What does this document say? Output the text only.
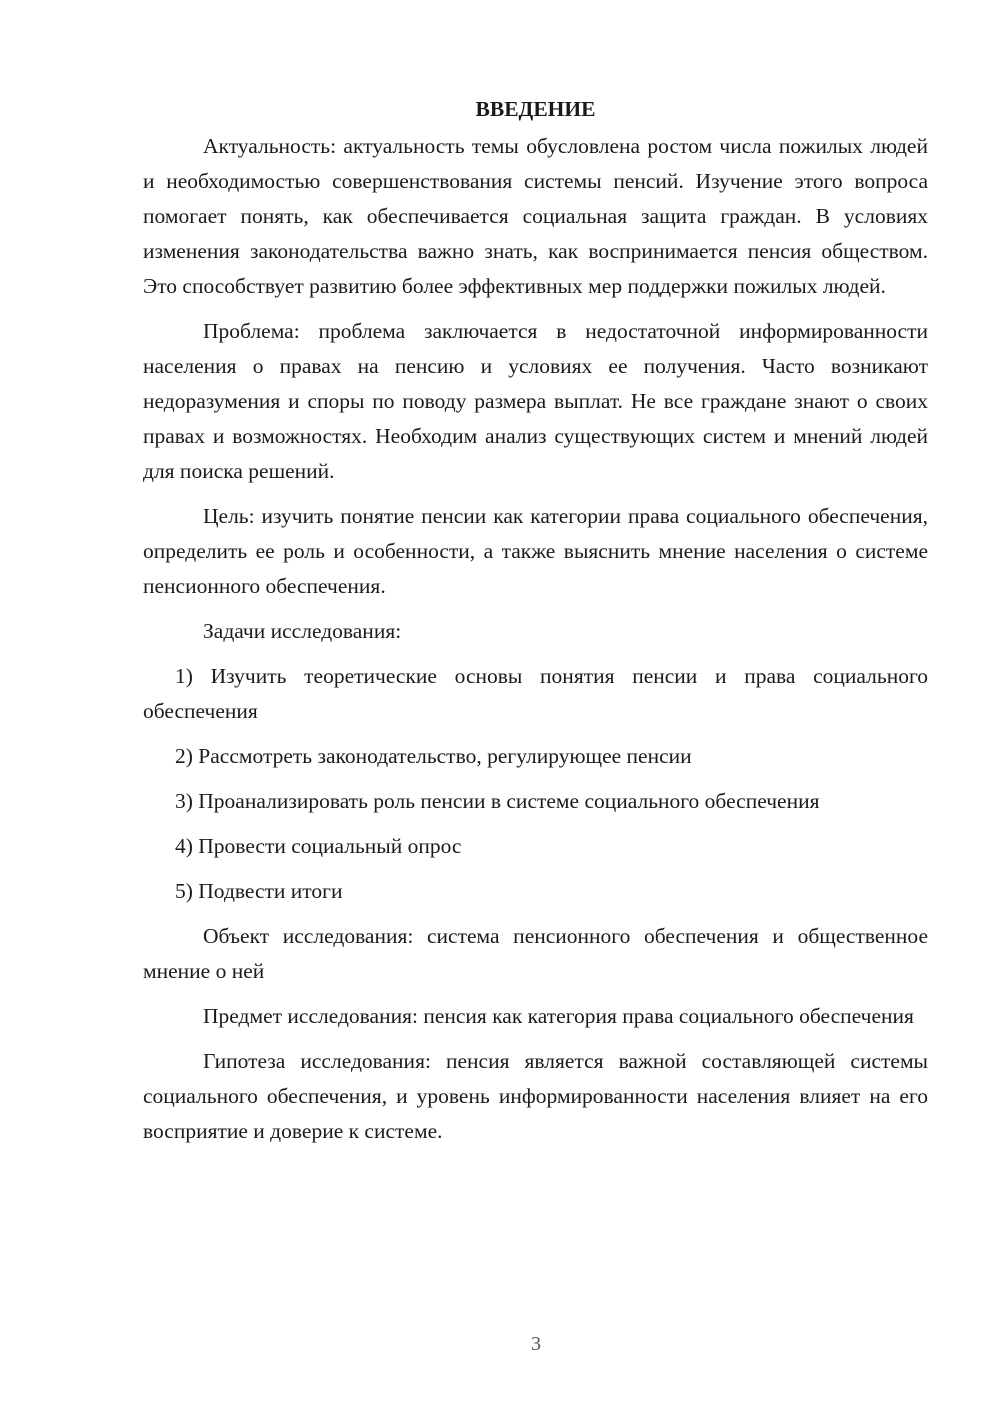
ВВЕДЕНИЕ

Актуальность: актуальность темы обусловлена ростом числа пожилых людей и необходимостью совершенствования системы пенсий. Изучение этого вопроса помогает понять, как обеспечивается социальная защита граждан. В условиях изменения законодательства важно знать, как воспринимается пенсия обществом. Это способствует развитию более эффективных мер поддержки пожилых людей.

Проблема: проблема заключается в недостаточной информированности населения о правах на пенсию и условиях ее получения. Часто возникают недоразумения и споры по поводу размера выплат. Не все граждане знают о своих правах и возможностях. Необходим анализ существующих систем и мнений людей для поиска решений.

Цель: изучить понятие пенсии как категории права социального обеспечения, определить ее роль и особенности, а также выяснить мнение населения о системе пенсионного обеспечения.

Задачи исследования:

1) Изучить теоретические основы понятия пенсии и права социального обеспечения

2) Рассмотреть законодательство, регулирующее пенсии

3) Проанализировать роль пенсии в системе социального обеспечения

4) Провести социальный опрос

5) Подвести итоги

Объект исследования: система пенсионного обеспечения и общественное мнение о ней

Предмет исследования: пенсия как категория права социального обеспечения

Гипотеза исследования: пенсия является важной составляющей системы социального обеспечения, и уровень информированности населения влияет на его восприятие и доверие к системе.

3
